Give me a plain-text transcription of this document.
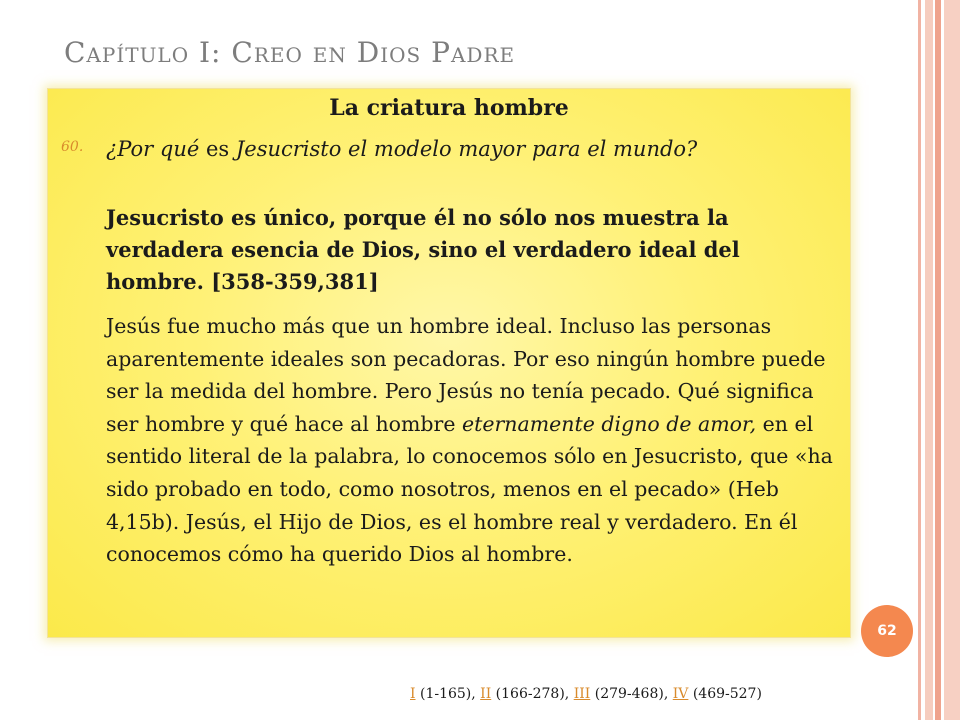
Capítulo I: Creo en Dios Padre
La criatura hombre
60. ¿Por qué es Jesucristo el modelo mayor para el mundo?
Jesucristo es único, porque él no sólo nos muestra la verdadera esencia de Dios, sino el verdadero ideal del hombre. [358-359,381]
Jesús fue mucho más que un hombre ideal. Incluso las personas aparentemente ideales son pecadoras. Por eso ningún hombre puede ser la medida del hombre. Pero Jesús no tenía pecado. Qué significa ser hombre y qué hace al hombre eternamente digno de amor, en el sentido literal de la palabra, lo conocemos sólo en Jesucristo, que «ha sido probado en todo, como nosotros, menos en el pecado» (Heb 4,15b). Jesús, el Hijo de Dios, es el hombre real y verdadero. En él conocemos cómo ha querido Dios al hombre.
62
I (1-165), II (166-278), III (279-468), IV (469-527)
